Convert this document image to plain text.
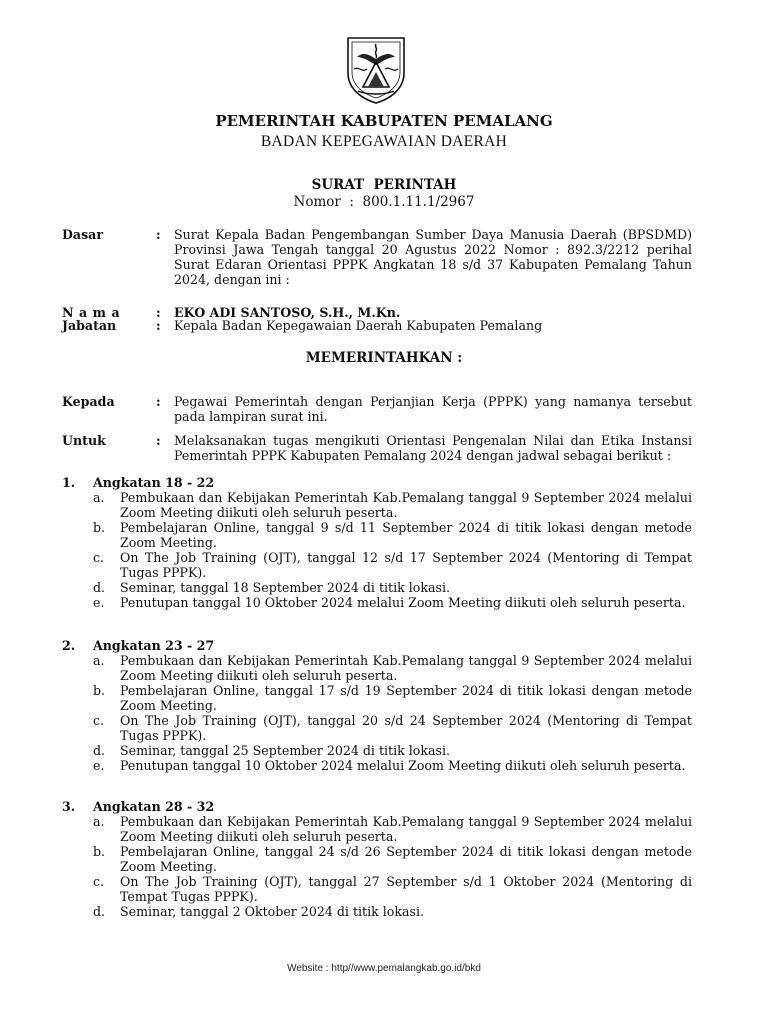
PEMERINTAH KABUPATEN PEMALANG
BADAN KEPEGAWAIAN DAERAH
SURAT  PERINTAH
Nomor  :  800.1.11.1/2967
Dasar	: Surat Kepala Badan Pengembangan Sumber Daya Manusia Daerah (BPSDMD) Provinsi Jawa Tengah tanggal 20 Agustus 2022 Nomor : 892.3/2212 perihal Surat Edaran Orientasi PPPK Angkatan 18 s/d 37 Kabupaten Pemalang Tahun 2024, dengan ini :
Nama : EKO ADI SANTOSO, S.H., M.Kn.
Jabatan	: Kepala Badan Kepegawaian Daerah Kabupaten Pemalang
MEMERINTAHKAN :
Kepada	: Pegawai Pemerintah dengan Perjanjian Kerja (PPPK) yang namanya tersebut pada lampiran surat ini.
Untuk	: Melaksanakan tugas mengikuti Orientasi Pengenalan Nilai dan Etika Instansi Pemerintah PPPK Kabupaten Pemalang 2024 dengan jadwal sebagai berikut :
1. Angkatan 18 - 22
a. Pembukaan dan Kebijakan Pemerintah Kab.Pemalang tanggal 9 September 2024 melalui Zoom Meeting diikuti oleh seluruh peserta.
b. Pembelajaran Online, tanggal 9 s/d 11 September 2024 di titik lokasi dengan metode Zoom Meeting.
c. On The Job Training (OJT), tanggal 12 s/d 17 September 2024 (Mentoring di Tempat Tugas PPPK).
d. Seminar, tanggal 18 September 2024 di titik lokasi.
e. Penutupan tanggal 10 Oktober 2024 melalui Zoom Meeting diikuti oleh seluruh peserta.
2. Angkatan 23 - 27
a. Pembukaan dan Kebijakan Pemerintah Kab.Pemalang tanggal 9 September 2024 melalui Zoom Meeting diikuti oleh seluruh peserta.
b. Pembelajaran Online, tanggal 17 s/d 19 September 2024 di titik lokasi dengan metode Zoom Meeting.
c. On The Job Training (OJT), tanggal 20 s/d 24 September 2024 (Mentoring di Tempat Tugas PPPK).
d. Seminar, tanggal 25 September 2024 di titik lokasi.
e. Penutupan tanggal 10 Oktober 2024 melalui Zoom Meeting diikuti oleh seluruh peserta.
3. Angkatan 28 - 32
a. Pembukaan dan Kebijakan Pemerintah Kab.Pemalang tanggal 9 September 2024 melalui Zoom Meeting diikuti oleh seluruh peserta.
b. Pembelajaran Online, tanggal 24 s/d 26 September 2024 di titik lokasi dengan metode Zoom Meeting.
c. On The Job Training (OJT), tanggal 27 September s/d 1 Oktober 2024 (Mentoring di Tempat Tugas PPPK).
d. Seminar, tanggal 2 Oktober 2024 di titik lokasi.
Website : http//www.pemalangkab.go.id/bkd
